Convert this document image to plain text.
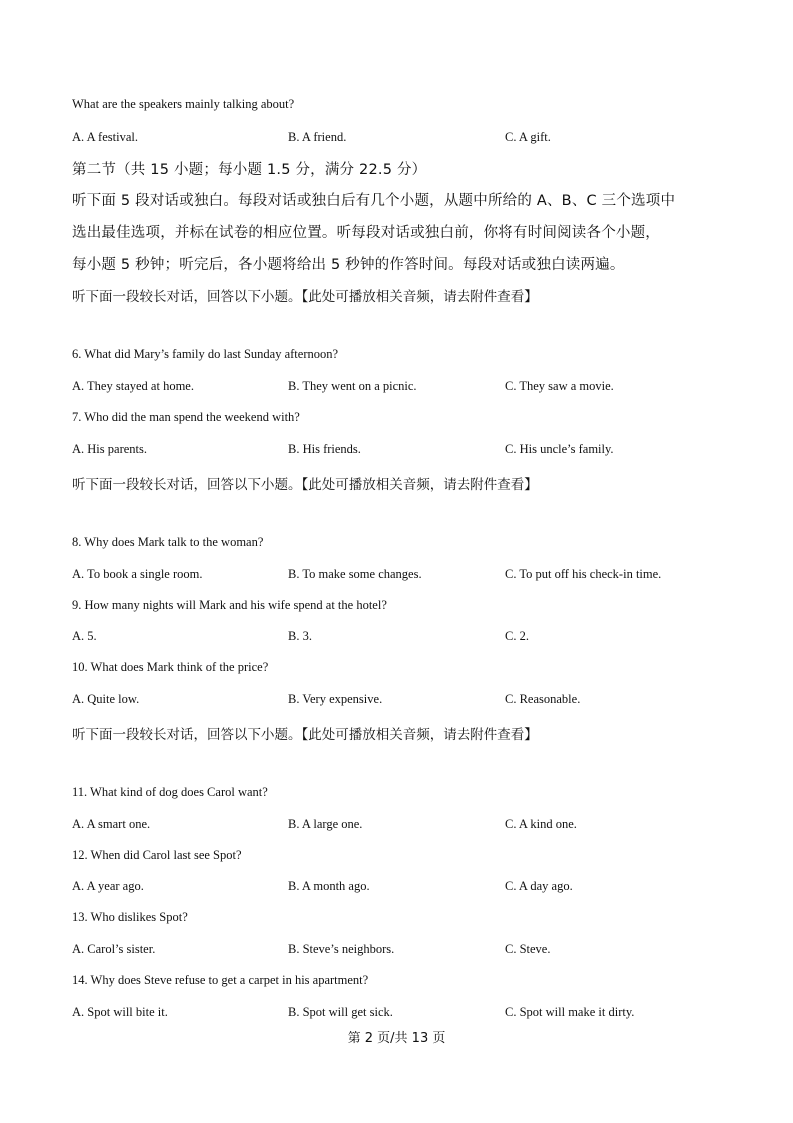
What are the speakers mainly talking about?
A. A festival.	B. A friend.	C. A gift.
第二节（共 15 小题；每小题 1.5 分，满分 22.5 分）
听下面 5 段对话或独白。每段对话或独白后有几个小题，从题中所给的 A、B、C 三个选项中
选出最佳选项，并标在试卷的相应位置。听每段对话或独白前，你将有时间阅读各个小题，
每小题 5 秒钟；听完后，各小题将给出 5 秒钟的作答时间。每段对话或独白读两遍。
听下面一段较长对话，回答以下小题。【此处可播放相关音频，请去附件查看】
6. What did Mary’s family do last Sunday afternoon?
A. They stayed at home.	B. They went on a picnic.	C. They saw a movie.
7. Who did the man spend the weekend with?
A. His parents.	B. His friends.	C. His uncle’s family.
听下面一段较长对话，回答以下小题。【此处可播放相关音频，请去附件查看】
8. Why does Mark talk to the woman?
A. To book a single room.	B. To make some changes.	C. To put off his check-in time.
9. How many nights will Mark and his wife spend at the hotel?
A. 5.	B. 3.	C. 2.
10. What does Mark think of the price?
A. Quite low.	B. Very expensive.	C. Reasonable.
听下面一段较长对话，回答以下小题。【此处可播放相关音频，请去附件查看】
11. What kind of dog does Carol want?
A. A smart one.	B. A large one.	C. A kind one.
12. When did Carol last see Spot?
A. A year ago.	B. A month ago.	C. A day ago.
13. Who dislikes Spot?
A. Carol’s sister.	B. Steve’s neighbors.	C. Steve.
14. Why does Steve refuse to get a carpet in his apartment?
A. Spot will bite it.	B. Spot will get sick.	C. Spot will make it dirty.
第 2 页/共 13 页
